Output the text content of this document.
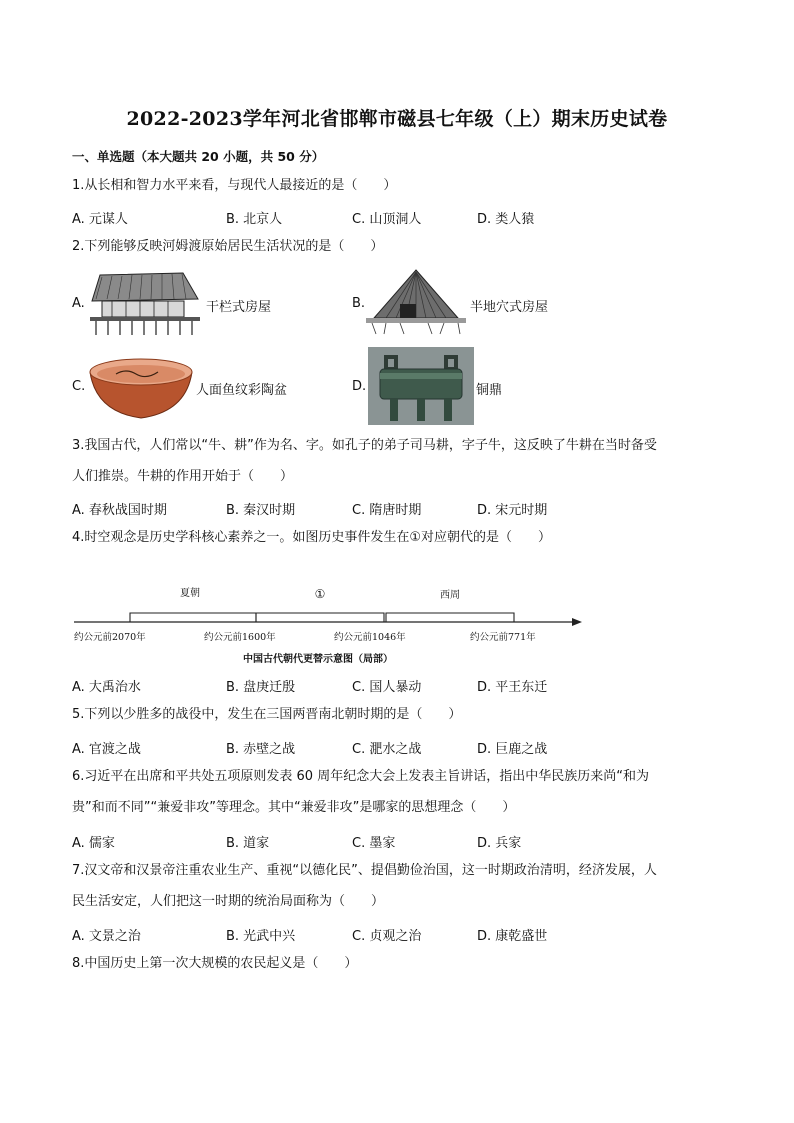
2022-2023学年河北省邯郸市磁县七年级（上）期末历史试卷
一、单选题（本大题共 20 小题，共 50 分）
1.从长相和智力水平来看，与现代人最接近的是（　　）
A. 元谋人	B. 北京人	C. 山顶洞人	D. 类人猿
2.下列能够反映河姆渡原始居民生活状况的是（　　）
A.	干栏式房屋	B.	半地穴式房屋
C.	人面鱼纹彩陶盆	D.	铜鼎
3.我国古代，人们常以“牛、耕”作为名、字。如孔子的弟子司马耕，字子牛，这反映了牛耕在当时备受
人们推崇。牛耕的作用开始于（　　）
A. 春秋战国时期	B. 秦汉时期	C. 隋唐时期	D. 宋元时期
4.时空观念是历史学科核心素养之一。如图历史事件发生在①对应朝代的是（　　）
夏朝	①	西周
约公元前2070年	约公元前1600年	约公元前1046年	约公元前771年
中国古代朝代更替示意图（局部）
A. 大禹治水	B. 盘庚迁殷	C. 国人暴动	D. 平王东迁
5.下列以少胜多的战役中，发生在三国两晋南北朝时期的是（　　）
A. 官渡之战	B. 赤壁之战	C. 淝水之战	D. 巨鹿之战
6.习近平在出席和平共处五项原则发表 60 周年纪念大会上发表主旨讲话，指出中华民族历来尚“和为
贵”和而不同”“兼爱非攻”等理念。其中“兼爱非攻”是哪家的思想理念（　　）
A. 儒家	B. 道家	C. 墨家	D. 兵家
7.汉文帝和汉景帝注重农业生产、重视“以德化民”、提倡勤俭治国，这一时期政治清明，经济发展，人
民生活安定，人们把这一时期的统治局面称为（　　）
A. 文景之治	B. 光武中兴	C. 贞观之治	D. 康乾盛世
8.中国历史上第一次大规模的农民起义是（　　）
